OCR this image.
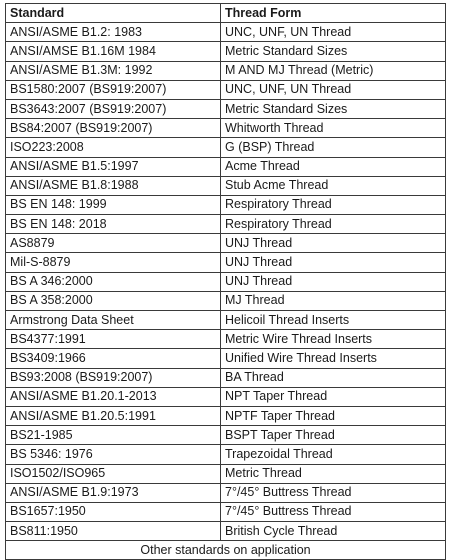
Standard	Thread Form
ANSI/ASME B1.2: 1983	UNC, UNF, UN Thread
ANSI/AMSE B1.16M 1984	Metric Standard Sizes
ANSI/ASME B1.3M: 1992	M AND MJ Thread (Metric)
BS1580:2007 (BS919:2007)	UNC, UNF, UN Thread
BS3643:2007 (BS919:2007)	Metric Standard Sizes
BS84:2007 (BS919:2007)	Whitworth Thread
ISO223:2008	G (BSP) Thread
ANSI/ASME B1.5:1997	Acme Thread
ANSI/ASME B1.8:1988	Stub Acme Thread
BS EN 148: 1999	Respiratory Thread
BS EN 148: 2018	Respiratory Thread
AS8879	UNJ Thread
Mil-S-8879	UNJ Thread
BS A 346:2000	UNJ Thread
BS A 358:2000	MJ Thread
Armstrong Data Sheet	Helicoil Thread Inserts
BS4377:1991	Metric Wire Thread Inserts
BS3409:1966	Unified Wire Thread Inserts
BS93:2008 (BS919:2007)	BA Thread
ANSI/ASME B1.20.1-2013	NPT Taper Thread
ANSI/ASME B1.20.5:1991	NPTF Taper Thread
BS21-1985	BSPT Taper Thread
BS 5346: 1976	Trapezoidal Thread
ISO1502/ISO965	Metric Thread
ANSI/ASME B1.9:1973	7°/45° Buttress Thread
BS1657:1950	7°/45° Buttress Thread
BS811:1950	British Cycle Thread
Other standards on application	
